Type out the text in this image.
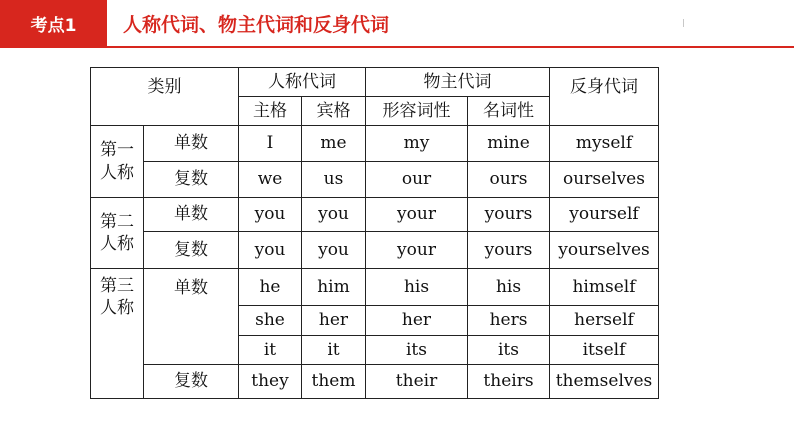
考点1	人称代词、物主代词和反身代词
类别		人称代词		物主代词		反身代词
		主格	宾格	形容词性	名词性	
第一
人称	单数	I	me	my	mine	myself
	复数	we	us	our	ours	ourselves
第二
人称	单数	you	you	your	yours	yourself
	复数	you	you	your	yours	yourselves
第三
人称	单数	he	him	his	his	himself
		she	her	her	hers	herself
		it	it	its	its	itself
	复数	they	them	their	theirs	themselves
